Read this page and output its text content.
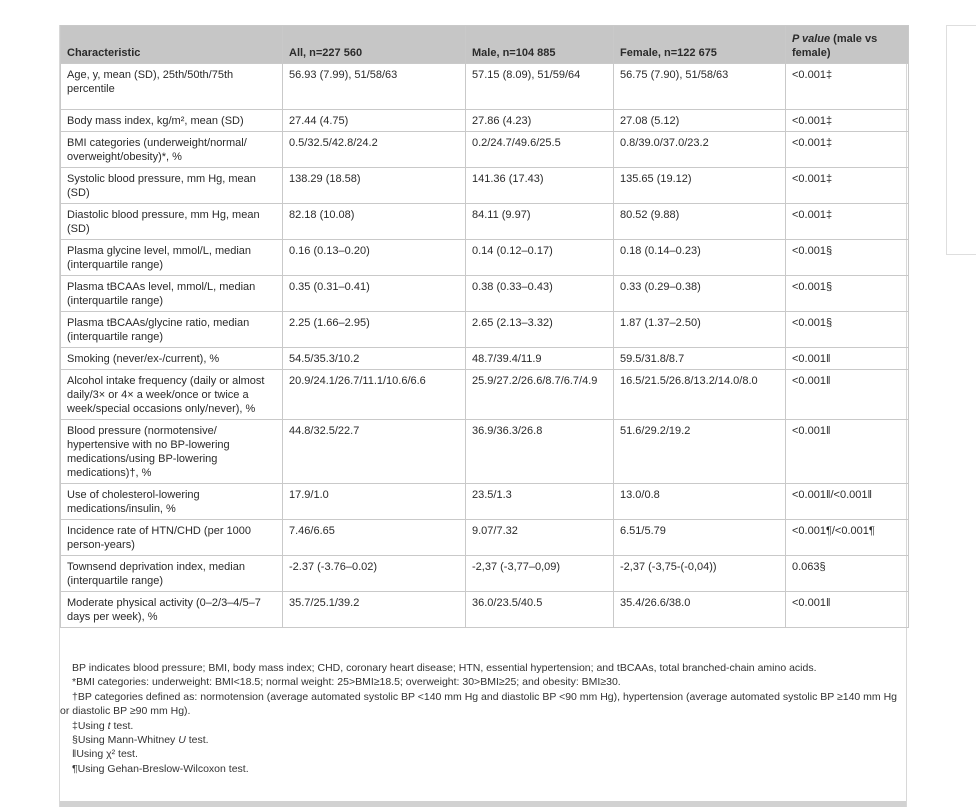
Characteristic	All, n=227 560	Male, n=104 885	Female, n=122 675	P value (male vs female)
Age, y, mean (SD), 25th/50th/75th percentile	56.93 (7.99), 51/58/63	57.15 (8.09), 51/59/64	56.75 (7.90), 51/58/63	<0.001‡
Body mass index, kg/m², mean (SD)	27.44 (4.75)	27.86 (4.23)	27.08 (5.12)	<0.001‡
BMI categories (underweight/normal/ overweight/obesity)*, %	0.5/32.5/42.8/24.2	0.2/24.7/49.6/25.5	0.8/39.0/37.0/23.2	<0.001‡
Systolic blood pressure, mm Hg, mean (SD)	138.29 (18.58)	141.36 (17.43)	135.65 (19.12)	<0.001‡
Diastolic blood pressure, mm Hg, mean (SD)	82.18 (10.08)	84.11 (9.97)	80.52 (9.88)	<0.001‡
Plasma glycine level, mmol/L, median (interquartile range)	0.16 (0.13–0.20)	0.14 (0.12–0.17)	0.18 (0.14–0.23)	<0.001§
Plasma tBCAAs level, mmol/L, median (interquartile range)	0.35 (0.31–0.41)	0.38 (0.33–0.43)	0.33 (0.29–0.38)	<0.001§
Plasma tBCAAs/glycine ratio, median (interquartile range)	2.25 (1.66–2.95)	2.65 (2.13–3.32)	1.87 (1.37–2.50)	<0.001§
Smoking (never/ex-/current), %	54.5/35.3/10.2	48.7/39.4/11.9	59.5/31.8/8.7	<0.001ǁ
Alcohol intake frequency (daily or almost daily/3× or 4× a week/once or twice a week/special occasions only/never), %	20.9/24.1/26.7/11.1/10.6/6.6	25.9/27.2/26.6/8.7/6.7/4.9	16.5/21.5/26.8/13.2/14.0/8.0	<0.001ǁ
Blood pressure (normotensive/ hypertensive with no BP-lowering medications/using BP-lowering medications)†, %	44.8/32.5/22.7	36.9/36.3/26.8	51.6/29.2/19.2	<0.001ǁ
Use of cholesterol-lowering medications/insulin, %	17.9/1.0	23.5/1.3	13.0/0.8	<0.001ǁ/<0.001ǁ
Incidence rate of HTN/CHD (per 1000 person-years)	7.46/6.65	9.07/7.32	6.51/5.79	<0.001¶/<0.001¶
Townsend deprivation index, median (interquartile range)	-2.37 (-3.76–0.02)	-2,37 (-3,77–0,09)	-2,37 (-3,75-(-0,04))	0.063§
Moderate physical activity (0–2/3–4/5–7 days per week), %	35.7/25.1/39.2	36.0/23.5/40.5	35.4/26.6/38.0	<0.001ǁ
BP indicates blood pressure; BMI, body mass index; CHD, coronary heart disease; HTN, essential hypertension; and tBCAAs, total branched-chain amino acids.
*BMI categories: underweight: BMI<18.5; normal weight: 25>BMI≥18.5; overweight: 30>BMI≥25; and obesity: BMI≥30.
†BP categories defined as: normotension (average automated systolic BP <140 mm Hg and diastolic BP <90 mm Hg), hypertension (average automated systolic BP ≥140 mm Hg or diastolic BP ≥90 mm Hg).
‡Using t test.
§Using Mann-Whitney U test.
ǁUsing χ² test.
¶Using Gehan-Breslow-Wilcoxon test.
